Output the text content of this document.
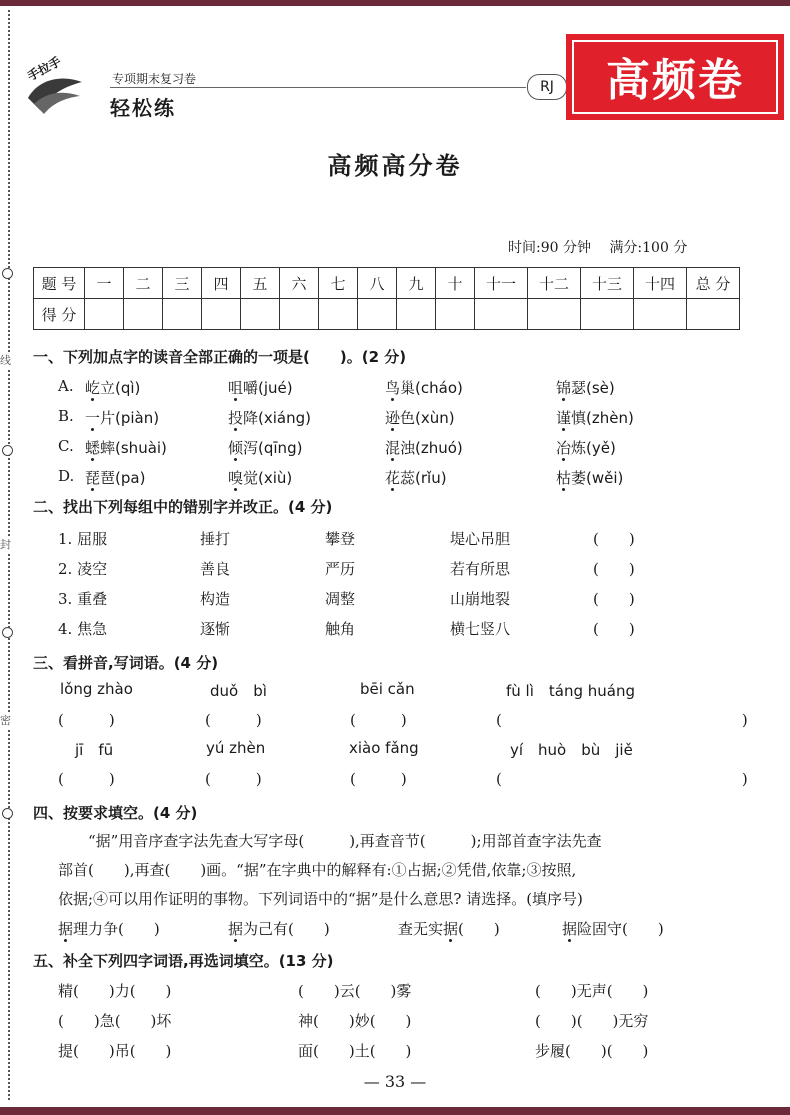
线
封
密
手拉手	专项期末复习卷
轻松练
RJ	高频卷
高频高分卷
时间:90 分钟 满分:100 分
题 号	一	二	三	四	五	六	七	八	九	十	十一	十二	十三	十四	总 分
得 分															
一、下列加点字的读音全部正确的一项是(　　)。(2 分)
A. 屹立(qì)	咀嚼(jué)	鸟巢(cháo)	锦瑟(sè)
B. 一片(piàn)	投降(xiáng)	逊色(xùn)	谨慎(zhèn)
C. 蟋蟀(shuài)	倾泻(qīng)	混浊(zhuó)	冶炼(yě)
D. 琵琶(pa)	嗅觉(xiù)	花蕊(rǐu)	枯萎(wěi)
二、找出下列每组中的错别字并改正。(4 分)
1. 屈服	捶打	攀登	堤心吊胆	(　　)
2. 凌空	善良	严历	若有所思	(　　)
3. 重叠	构造	凋整	山崩地裂	(　　)
4. 焦急	逐惭	触角	横七竖八	(　　)
三、看拼音,写词语。(4 分)
lǒng zhào	duǒ　bì	bēi cǎn	fù lì　táng huáng
(　　　)	(　　　)	(　　　)	(　　　　　　　　　　　　　　　　)
jī　fū	yú zhèn	xiào fǎng	yí　huò　bù　jiě
(　　　)	(　　　)	(　　　)	(　　　　　　　　　　　　　　　　)
四、按要求填空。(4 分)
“据”用音序查字法先查大写字母(　　　),再查音节(　　　);用部首查字法先查
部首(　　),再查(　　)画。“据”在字典中的解释有:①占据;②凭借,依靠;③按照,
依据;④可以用作证明的事物。下列词语中的“据”是什么意思? 请选择。(填序号)
据理力争(　　)	据为己有(　　)	查无实据(　　)	据险固守(　　)
五、补全下列四字词语,再选词填空。(13 分)
精(　　)力(　　)	(　　)云(　　)雾	(　　)无声(　　)
(　　)急(　　)坏	神(　　)妙(　　)	(　　)(　　)无穷
提(　　)吊(　　)	面(　　)土(　　)	步履(　　)(　　)
— 33 —
